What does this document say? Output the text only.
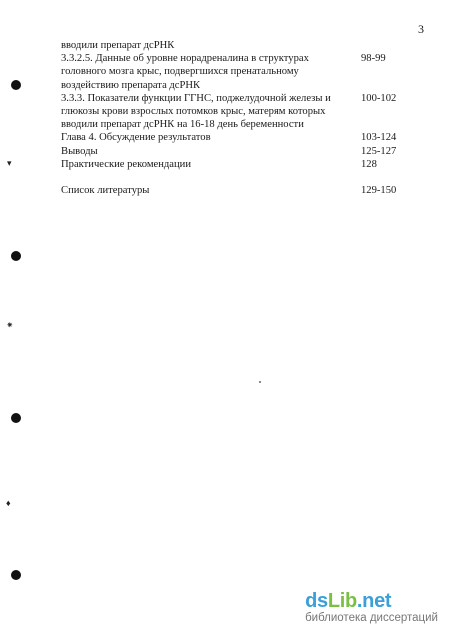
3
вводили препарат дсРНК
3.3.2.5. Данные об уровне норадреналина в структурах
головного мозга крыс, подвергшихся пренатальному
воздействию препарата дсРНК
98-99
3.3.3. Показатели функции ГГНС, поджелудочной железы и
глюкозы крови взрослых потомков крыс, матерям которых
вводили препарат дсРНК на 16-18 день беременности
100-102
Глава 4. Обсуждение результатов	103-124
Выводы	125-127
Практические рекомендации	128
Список литературы	129-150
▾
⁕
♦
dsLib.net
библиотека диссертаций
